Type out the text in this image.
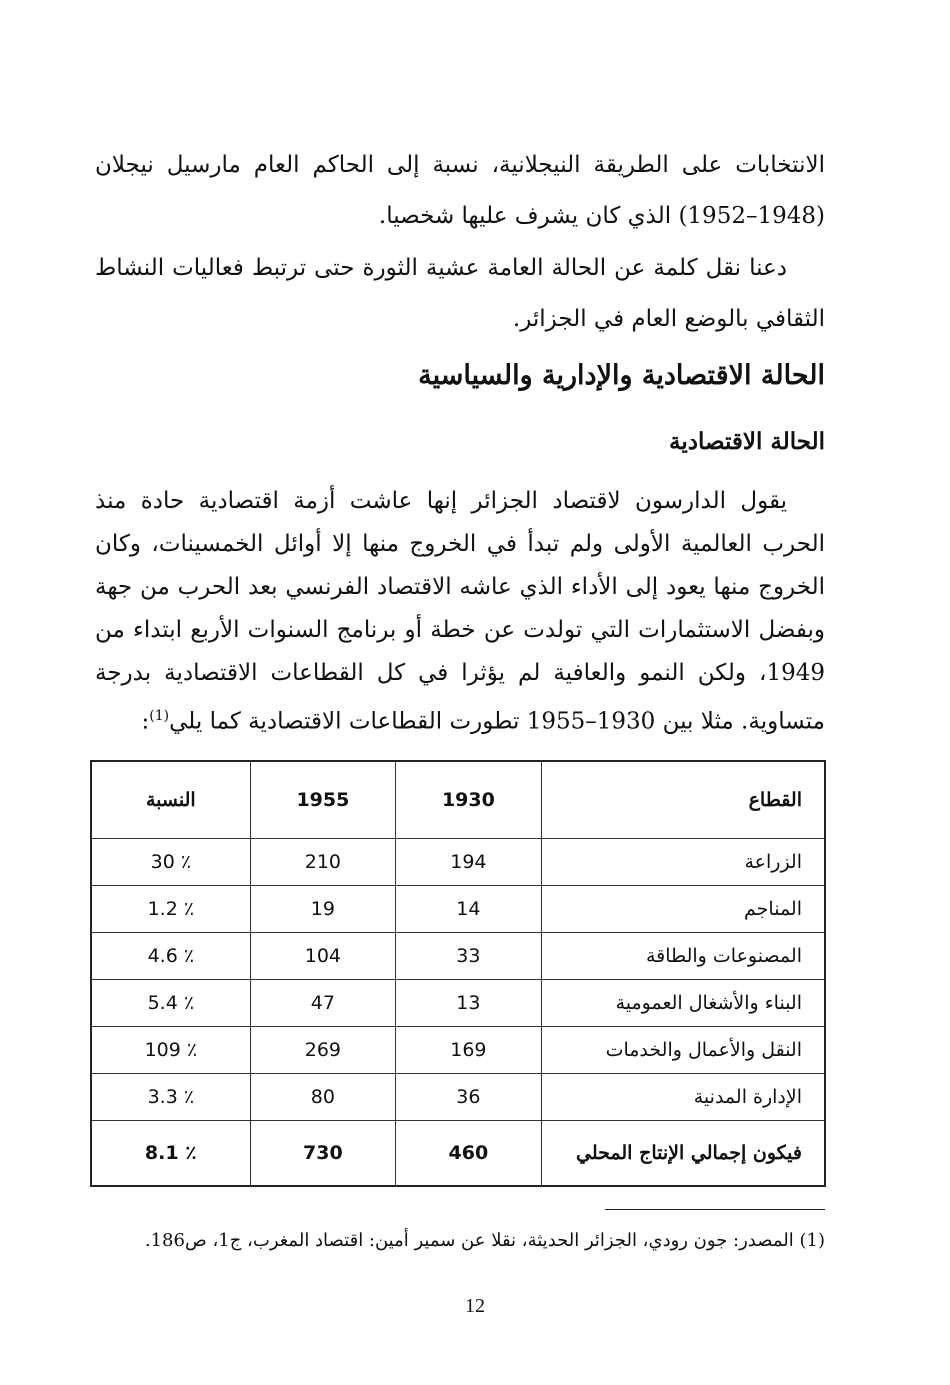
الانتخابات على الطريقة النيجلانية، نسبة إلى الحاكم العام مارسيل نيجلان (1948–1952) الذي كان يشرف عليها شخصيا.

دعنا نقل كلمة عن الحالة العامة عشية الثورة حتى ترتبط فعاليات النشاط الثقافي بالوضع العام في الجزائر.

الحالة الاقتصادية والإدارية والسياسية
الحالة الاقتصادية

يقول الدارسون لاقتصاد الجزائر إنها عاشت أزمة اقتصادية حادة منذ الحرب العالمية الأولى ولم تبدأ في الخروج منها إلا أوائل الخمسينات، وكان الخروج منها يعود إلى الأداء الذي عاشه الاقتصاد الفرنسي بعد الحرب من جهة وبفضل الاستثمارات التي تولدت عن خطة أو برنامج السنوات الأربع ابتداء من 1949، ولكن النمو والعافية لم يؤثرا في كل القطاعات الاقتصادية بدرجة متساوية. مثلا بين 1930–1955 تطورت القطاعات الاقتصادية كما يلي$^{(1)}$:

القطاع	1930	1955	النسبة
الزراعة	194	210	30 ٪
المناجم	14	19	1.2 ٪
المصنوعات والطاقة	33	104	4.6 ٪
البناء والأشغال العمومية	13	47	5.4 ٪
النقل والأعمال والخدمات	169	269	109 ٪
الإدارة المدنية	36	80	3.3 ٪
فيكون إجمالي الإنتاج المحلي	460	730	8.1 ٪

(1) المصدر: جون رودي، الجزائر الحديثة، نقلا عن سمير أمين: اقتصاد المغرب، ج1، ص186.

12
